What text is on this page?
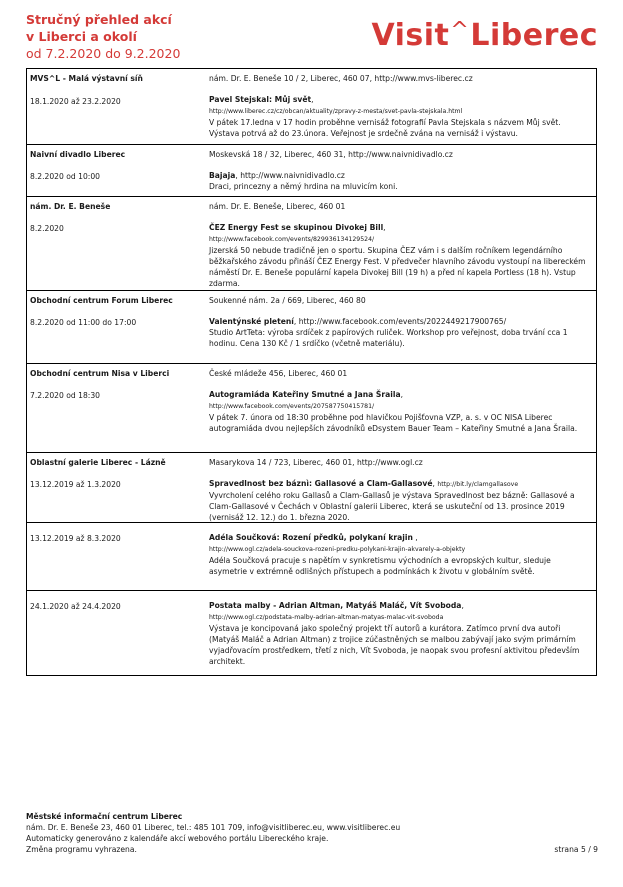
Stručný přehled akcí
v Liberci a okolí
od 7.2.2020 do 9.2.2020
Visit^Liberec
MVS^L - Malá výstavní síň	nám. Dr. E. Beneše 10 / 2, Liberec, 460 07, http://www.mvs-liberec.cz
18.1.2020 až 23.2.2020	Pavel Stejskal: Můj svět,
http://www.liberec.cz/cz/obcan/aktuality/zpravy-z-mesta/svet-pavla-stejskala.html
V pátek 17.ledna v 17 hodin proběhne vernisáž fotografií Pavla Stejskala s názvem Můj svět. Výstava potrvá až do 23.února. Veřejnost je srdečně zvána na vernisáž i výstavu.
Naivní divadlo Liberec	Moskevská 18 / 32, Liberec, 460 31, http://www.naivnidivadlo.cz
8.2.2020 od 10:00	Bajaja, http://www.naivnidivadlo.cz
Draci, princezny a němý hrdina na mluvicím koni.
nám. Dr. E. Beneše	nám. Dr. E. Beneše, Liberec, 460 01
8.2.2020	ČEZ Energy Fest se skupinou Divokej Bill,
http://www.facebook.com/events/829936134129524/
Jizerská 50 nebude tradičně jen o sportu. Skupina ČEZ vám i s dalším ročníkem legendárního běžkařského závodu přináší ČEZ Energy Fest. V předvečer hlavního závodu vystoupí na libereckém náměstí Dr. E. Beneše populární kapela Divokej Bill (19 h) a před ní kapela Portless (18 h). Vstup zdarma.
Obchodní centrum Forum Liberec	Soukenné nám. 2a / 669, Liberec, 460 80
8.2.2020 od 11:00 do 17:00	Valentýnské pletení, http://www.facebook.com/events/2022449217900765/
Studio ArtTeta: výroba srdíček z papírových ruliček. Workshop pro veřejnost, doba trvání cca 1 hodinu. Cena 130 Kč / 1 srdíčko (včetně materiálu).
Obchodní centrum Nisa v Liberci	České mládeže 456, Liberec, 460 01
7.2.2020 od 18:30	Autogramiáda Kateřiny Smutné a Jana Šraila,
http://www.facebook.com/events/2075877504157​81/
V pátek 7. února od 18:30 proběhne pod hlavičkou Pojišťovna VZP, a. s. v OC NISA Liberec autogramiáda dvou nejlepších závodníků eDsystem Bauer Team – Kateřiny Smutné a Jana Šraila.
Oblastní galerie Liberec - Lázně	Masarykova 14 / 723, Liberec, 460 01, http://www.ogl.cz
13.12.2019 až 1.3.2020	Spravedlnost bez báznì: Gallasové a Clam-Gallasové, http://bit.ly/clamgallasove
Vyvrcholení celého roku Gallasů a Clam-Gallasů je výstava Spravedlnost bez bázně: Gallasové a Clam-Gallasové v Čechách v Oblastní galerii Liberec, která se uskuteční od 13. prosince 2019 (vernisáž 12. 12.) do 1. března 2020.
13.12.2019 až 8.3.2020	Adéla Součková: Rození předků, polykaní krajin ,
http://www.ogl.cz/adela-souckova-rozeni-predku-polykani-krajin-akvarely-a-objekty
Adéla Součková pracuje s napětím v synkretismu východních a evropských kultur, sleduje asymetrie v extrémně odlišných přístupech a podmínkách k životu v globálním světě.
24.1.2020 až 24.4.2020	Postata malby - Adrian Altman, Matyáš Maláč, Vít Svoboda,
http://www.ogl.cz/podstata-malby-adrian-altman-matyas-malac-vit-svoboda
Výstava je koncipovaná jako společný projekt tří autorů a kurátora. Zatímco první dva autoři (Matyáš Maláč a Adrian Altman) z trojice zúčastněných se malbou zabývají jako svým primárním vyjadřovacím prostředkem, třetí z nich, Vít Svoboda, je naopak svou profesní aktivitou především architekt.
Městské informační centrum Liberec
nám. Dr. E. Beneše 23, 460 01 Liberec, tel.: 485 101 709, info@visitliberec.eu, www.visitliberec.eu
Automaticky generováno z kalendáře akcí webového portálu Libereckého kraje.
Změna programu vyhrazena.	strana 5 / 9
